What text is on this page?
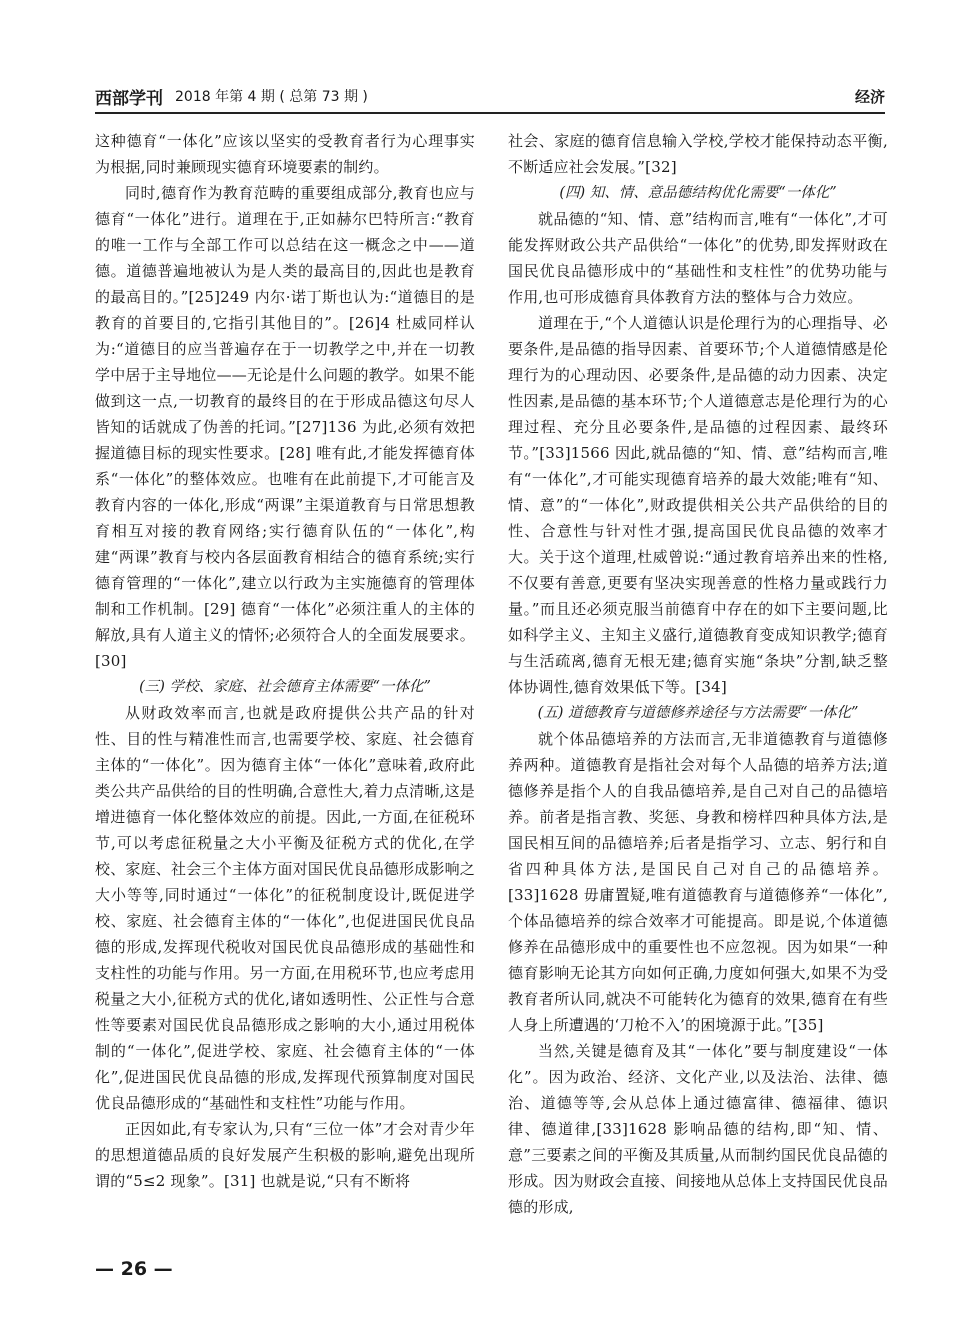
西部学刊 2018 年第 4 期 ( 总第 73 期 )	经济

这种德育“一体化”应该以坚实的受教育者行为心理事实为根据,同时兼顾现实德育环境要素的制约。

同时,德育作为教育范畴的重要组成部分,教育也应与德育“一体化”进行。道理在于,正如赫尔巴特所言:“教育的唯一工作与全部工作可以总结在这一概念之中——道德。道德普遍地被认为是人类的最高目的,因此也是教育的最高目的。”[25]249 内尔·诺丁斯也认为:“道德目的是教育的首要目的,它指引其他目的”。[26]4 杜威同样认为:“道德目的应当普遍存在于一切教学之中,并在一切教学中居于主导地位——无论是什么问题的教学。如果不能做到这一点,一切教育的最终目的在于形成品德这句尽人皆知的话就成了伪善的托词。”[27]136 为此,必须有效把握道德目标的现实性要求。[28] 唯有此,才能发挥德育体系“一体化”的整体效应。也唯有在此前提下,才可能言及教育内容的一体化,形成“两课”主渠道教育与日常思想教育相互对接的教育网络;实行德育队伍的“一体化”,构建“两课”教育与校内各层面教育相结合的德育系统;实行德育管理的“一体化”,建立以行政为主实施德育的管理体制和工作机制。[29] 德育“一体化”必须注重人的主体的解放,具有人道主义的情怀;必须符合人的全面发展要求。[30]

(三) 学校、家庭、社会德育主体需要“一体化”

从财政效率而言,也就是政府提供公共产品的针对性、目的性与精准性而言,也需要学校、家庭、社会德育主体的“一体化”。因为德育主体“一体化”意味着,政府此类公共产品供给的目的性明确,合意性大,着力点清晰,这是增进德育一体化整体效应的前提。因此,一方面,在征税环节,可以考虑征税量之大小平衡及征税方式的优化,在学校、家庭、社会三个主体方面对国民优良品德形成影响之大小等等,同时通过“一体化”的征税制度设计,既促进学校、家庭、社会德育主体的“一体化”,也促进国民优良品德的形成,发挥现代税收对国民优良品德形成的基础性和支柱性的功能与作用。另一方面,在用税环节,也应考虑用税量之大小,征税方式的优化,诸如透明性、公正性与合意性等要素对国民优良品德形成之影响的大小,通过用税体制的“一体化”,促进学校、家庭、社会德育主体的“一体化”,促进国民优良品德的形成,发挥现代预算制度对国民优良品德形成的“基础性和支柱性”功能与作用。

正因如此,有专家认为,只有“三位一体”才会对青少年的思想道德品质的良好发展产生积极的影响,避免出现所谓的“5≤2 现象”。[31] 也就是说,“只有不断将

社会、家庭的德育信息输入学校,学校才能保持动态平衡,不断适应社会发展。”[32]

(四) 知、情、意品德结构优化需要“一体化”

就品德的“知、情、意”结构而言,唯有“一体化”,才可能发挥财政公共产品供给“一体化”的优势,即发挥财政在国民优良品德形成中的“基础性和支柱性”的优势功能与作用,也可形成德育具体教育方法的整体与合力效应。

道理在于,“个人道德认识是伦理行为的心理指导、必要条件,是品德的指导因素、首要环节;个人道德情感是伦理行为的心理动因、必要条件,是品德的动力因素、决定性因素,是品德的基本环节;个人道德意志是伦理行为的心理过程、充分且必要条件,是品德的过程因素、最终环节。”[33]1566 因此,就品德的“知、情、意”结构而言,唯有“一体化”,才可能实现德育培养的最大效能;唯有“知、情、意”的“一体化”,财政提供相关公共产品供给的目的性、合意性与针对性才强,提高国民优良品德的效率才大。关于这个道理,杜威曾说:“通过教育培养出来的性格,不仅要有善意,更要有坚决实现善意的性格力量或践行力量。”而且还必须克服当前德育中存在的如下主要问题,比如科学主义、主知主义盛行,道德教育变成知识教学;德育与生活疏离,德育无根无建;德育实施“条块”分割,缺乏整体协调性,德育效果低下等。[34]

(五) 道德教育与道德修养途径与方法需要“一体化”

就个体品德培养的方法而言,无非道德教育与道德修养两种。道德教育是指社会对每个人品德的培养方法;道德修养是指个人的自我品德培养,是自己对自己的品德培养。前者是指言教、奖惩、身教和榜样四种具体方法,是国民相互间的品德培养;后者是指学习、立志、躬行和自省四种具体方法,是国民自己对自己的品德培养。[33]1628 毋庸置疑,唯有道德教育与道德修养“一体化”,个体品德培养的综合效率才可能提高。即是说,个体道德修养在品德形成中的重要性也不应忽视。因为如果“一种德育影响无论其方向如何正确,力度如何强大,如果不为受教育者所认同,就决不可能转化为德育的效果,德育在有些人身上所遭遇的‘刀枪不入’的困境源于此。”[35]

当然,关键是德育及其“一体化”要与制度建设“一体化”。因为政治、经济、文化产业,以及法治、法律、德治、道德等等,会从总体上通过德富律、德福律、德识律、德道律,[33]1628 影响品德的结构,即“知、情、意”三要素之间的平衡及其质量,从而制约国民优良品德的形成。因为财政会直接、间接地从总体上支持国民优良品德的形成,

— 26 —
